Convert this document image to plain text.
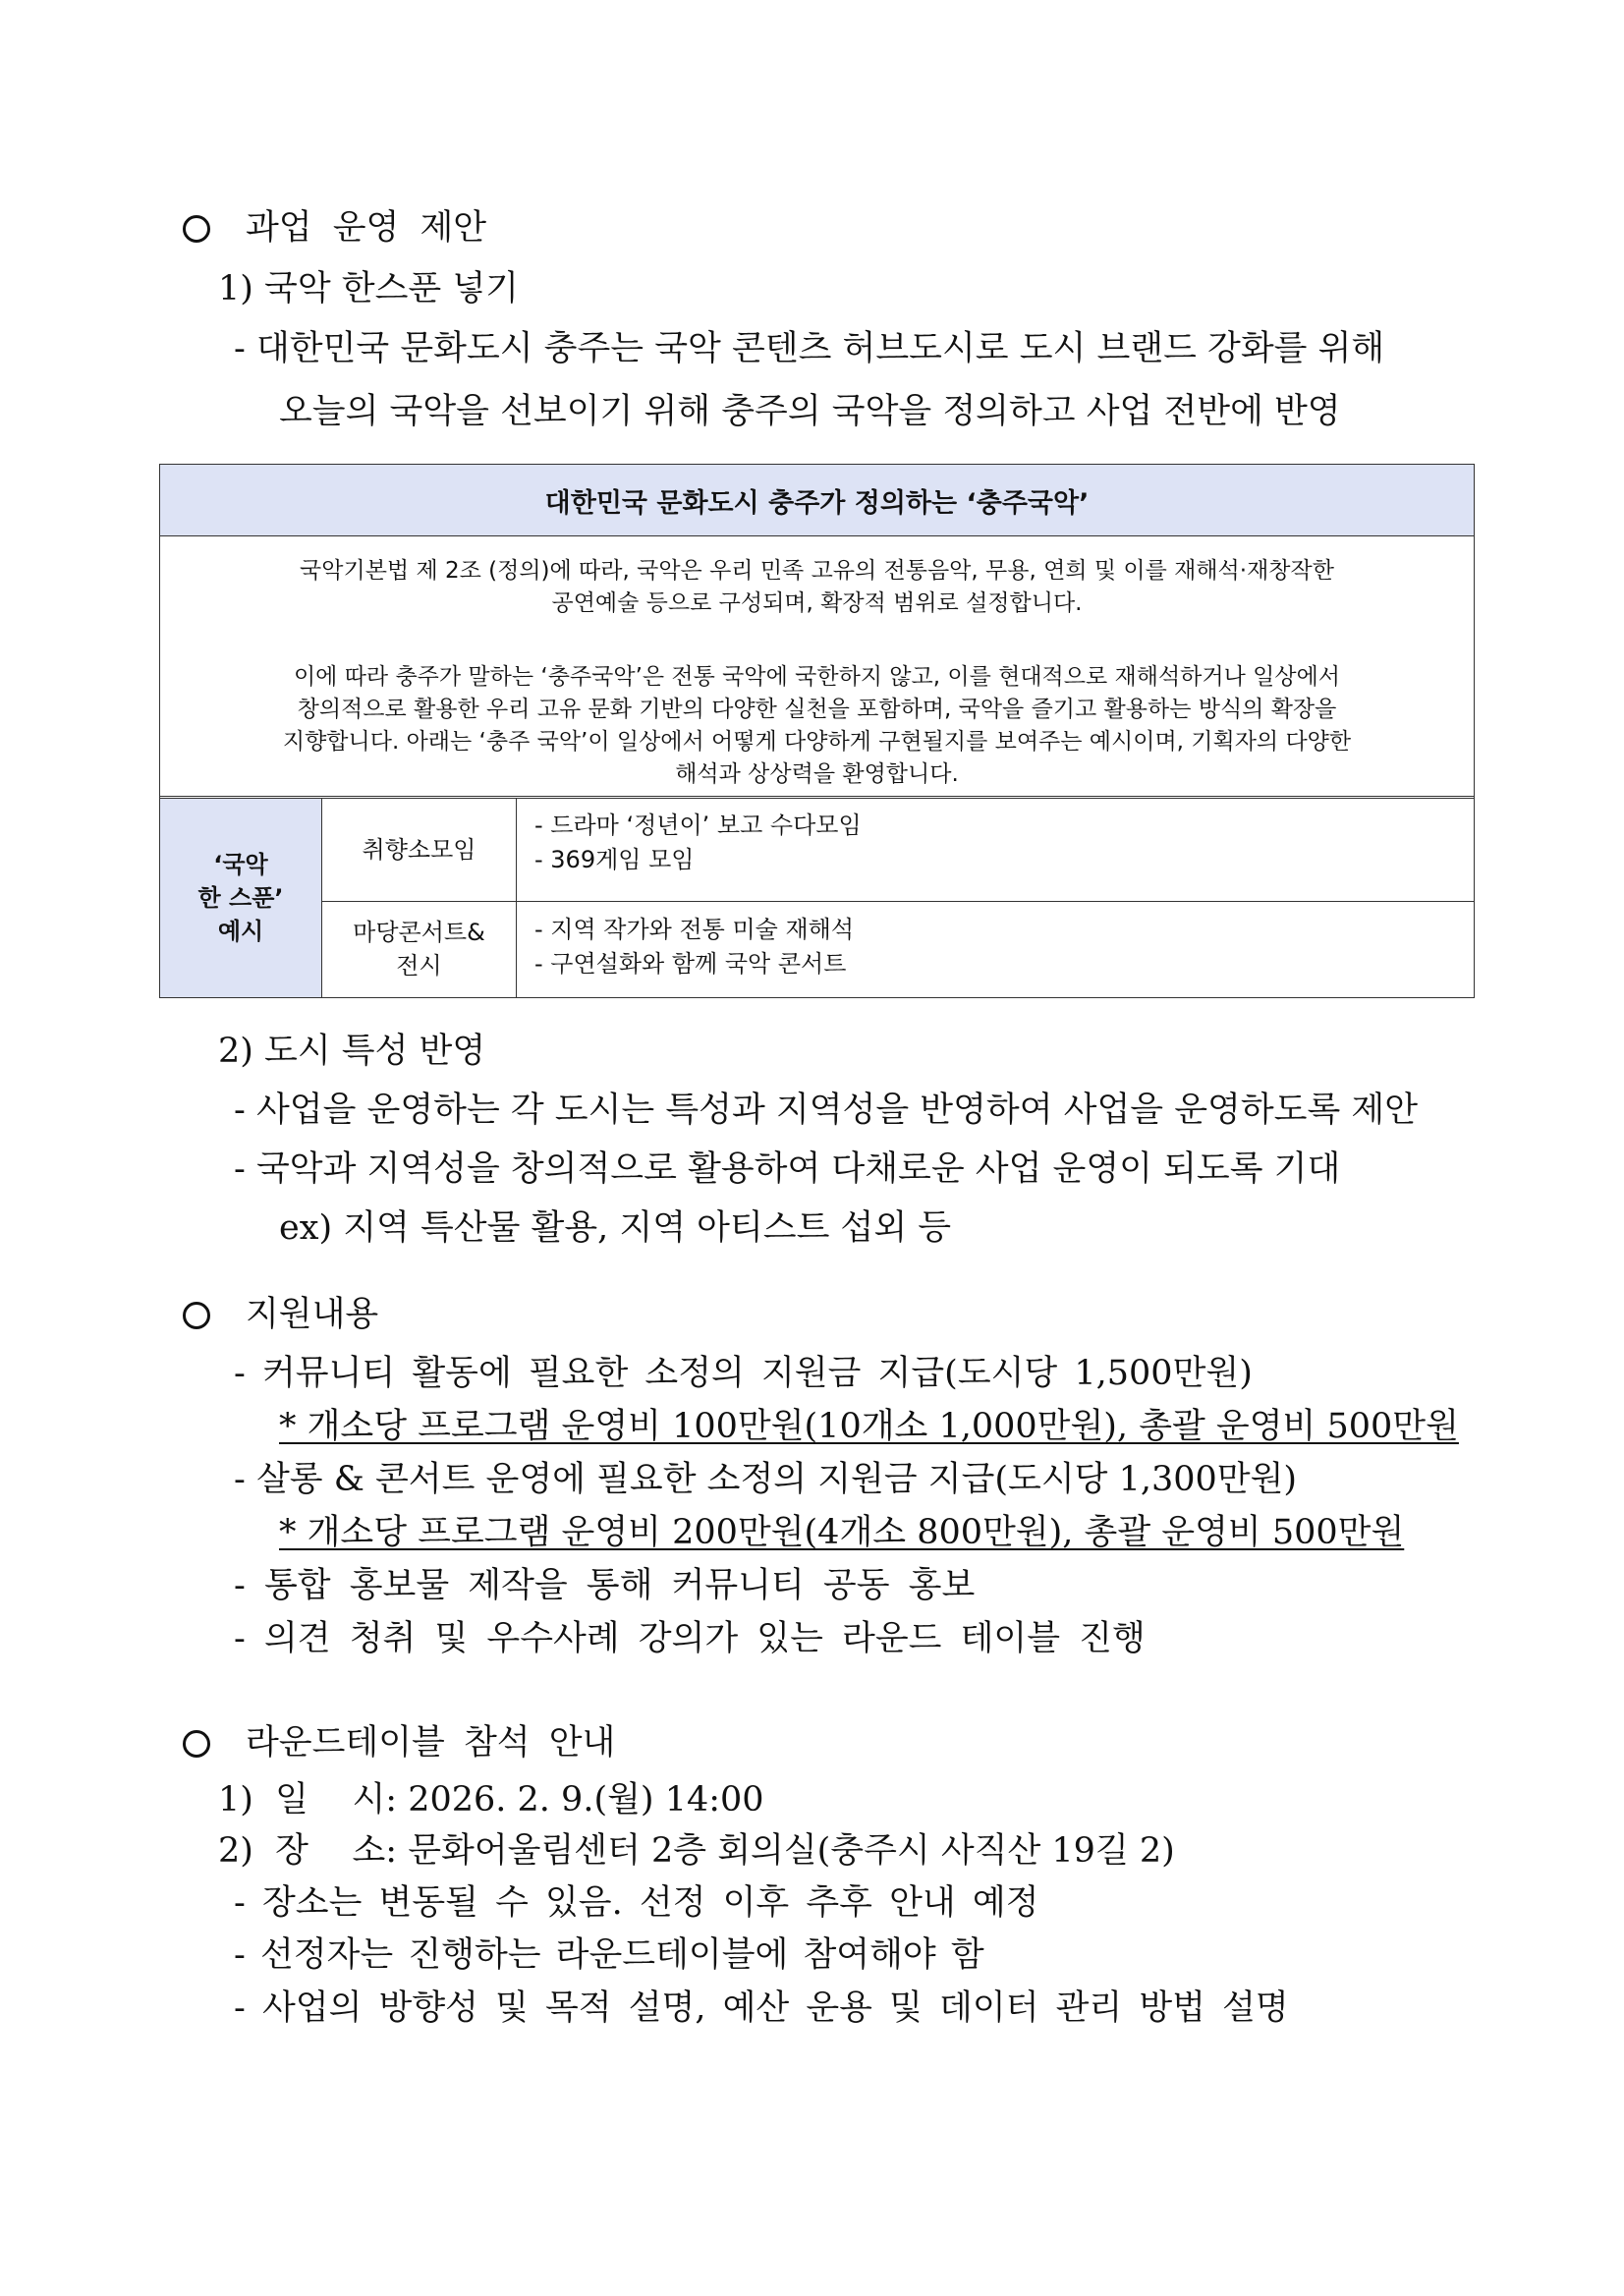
과업 운영 제안
1) 국악 한스푼 넣기
- 대한민국 문화도시 충주는 국악 콘텐츠 허브도시로 도시 브랜드 강화를 위해
오늘의 국악을 선보이기 위해 충주의 국악을 정의하고 사업 전반에 반영
대한민국 문화도시 충주가 정의하는 ‘충주국악’

국악기본법 제 2조 (정의)에 따라, 국악은 우리 민족 고유의 전통음악, 무용, 연희 및 이를 재해석·재창작한

공연예술 등으로 구성되며, 확장적 범위로 설정합니다.

이에 따라 충주가 말하는 ‘충주국악’은 전통 국악에 국한하지 않고, 이를 현대적으로 재해석하거나 일상에서

창의적으로 활용한 우리 고유 문화 기반의 다양한 실천을 포함하며, 국악을 즐기고 활용하는 방식의 확장을

지향합니다. 아래는 ‘충주 국악’이 일상에서 어떻게 다양하게 구현될지를 보여주는 예시이며, 기획자의 다양한

해석과 상상력을 환영합니다.

‘국악
한 스푼’
예시
취향소모임
- 드라마 ‘정년이’ 보고 수다모임
- 369게임 모임
마당콘서트&
전시
- 지역 작가와 전통 미술 재해석
- 구연설화와 함께 국악 콘서트
2) 도시 특성 반영
- 사업을 운영하는 각 도시는 특성과 지역성을 반영하여 사업을 운영하도록 제안
- 국악과 지역성을 창의적으로 활용하여 다채로운 사업 운영이 되도록 기대
ex) 지역 특산물 활용, 지역 아티스트 섭외 등
지원내용
- 커뮤니티 활동에 필요한 소정의 지원금 지급(도시당 1,500만원)
* 개소당 프로그램 운영비 100만원(10개소 1,000만원), 총괄 운영비 500만원
- 살롱 & 콘서트 운영에 필요한 소정의 지원금 지급(도시당 1,300만원)
* 개소당 프로그램 운영비 200만원(4개소 800만원), 총괄 운영비 500만원
- 통합 홍보물 제작을 통해 커뮤니티 공동 홍보
- 의견 청취 및 우수사례 강의가 있는 라운드 테이블 진행
라운드테이블 참석 안내
1)  일    시: 2026. 2. 9.(월) 14:00
2)  장    소: 문화어울림센터 2층 회의실(충주시 사직산 19길 2)
- 장소는 변동될 수 있음. 선정 이후 추후 안내 예정
- 선정자는 진행하는 라운드테이블에 참여해야 함
- 사업의 방향성 및 목적 설명, 예산 운용 및 데이터 관리 방법 설명
